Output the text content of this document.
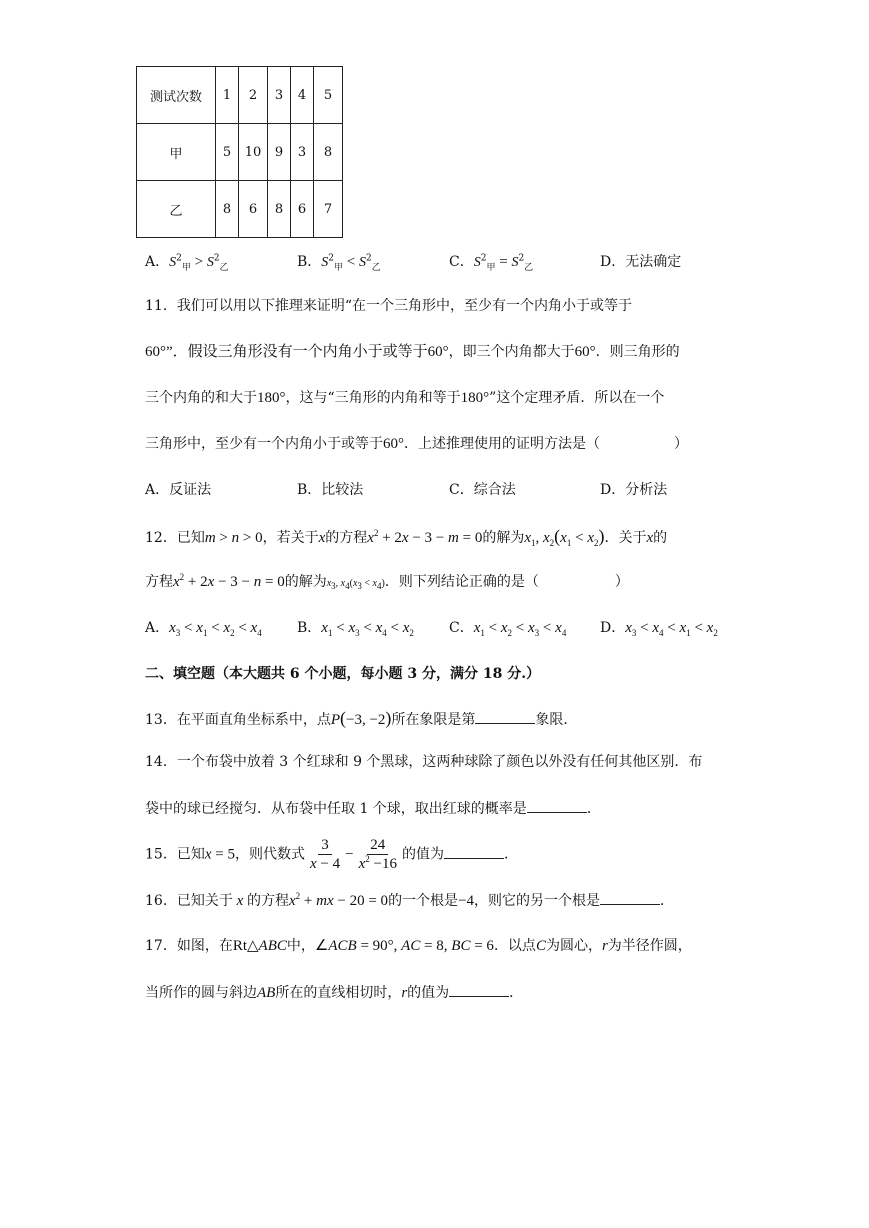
测试次数	1	2	3	4	5
甲	5	10	9	3	8
乙	8	6	8	6	7
A．$S^2_甲 > S^2_乙$	B．$S^2_甲 < S^2_乙$	C．$S^2_甲 = S^2_乙$	D．无法确定
11．我们可以用以下推理来证明“在一个三角形中，至少有一个内角小于或等于
60°”．假设三角形没有一个内角小于或等于60°，即三个内角都大于60°．则三角形的
三个内角的和大于180°，这与“三角形的内角和等于180°”这个定理矛盾．所以在一个
三角形中，至少有一个内角小于或等于60°．上述推理使用的证明方法是（	）
A．反证法	B．比较法	C．综合法	D．分析法
12．已知m > n > 0，若关于x的方程$x^2 + 2x - 3 - m = 0$的解为$x_1$, $x_2(x_1 < x_2)$．关于x的
方程$x^2 + 2x - 3 - n = 0$的解为$x_3$, $x_4(x_3 < x_4)$．则下列结论正确的是（	）
A．$x_3 < x_1 < x_2 < x_4$	B．$x_1 < x_3 < x_4 < x_2$	C．$x_1 < x_2 < x_3 < x_4$ D．$x_3 < x_4 < x_1 < x_2$
二、填空题（本大题共 6 个小题，每小题 3 分，满分 18 分.）
13．在平面直角坐标系中，点P(−3, −2)所在象限是第	象限．
14．一个布袋中放着 3 个红球和 9 个黑球，这两种球除了颜色以外没有任何其他区别．布
袋中的球已经搅匀．从布袋中任取 1 个球，取出红球的概率是	．
15．已知x = 5，则代数式 $\frac{3}{x - 4} - \frac{24}{x^2 -16}$ 的值为	．
16．已知关于 x 的方程$x^2$ + mx − 20 = 0的一个根是−4，则它的另一个根是	．
17．如图，在Rt△ABC中，∠ACB = 90°, AC = 8, BC = 6．以点C为圆心，r为半径作圆，
当所作的圆与斜边AB所在的直线相切时，r的值为	．
